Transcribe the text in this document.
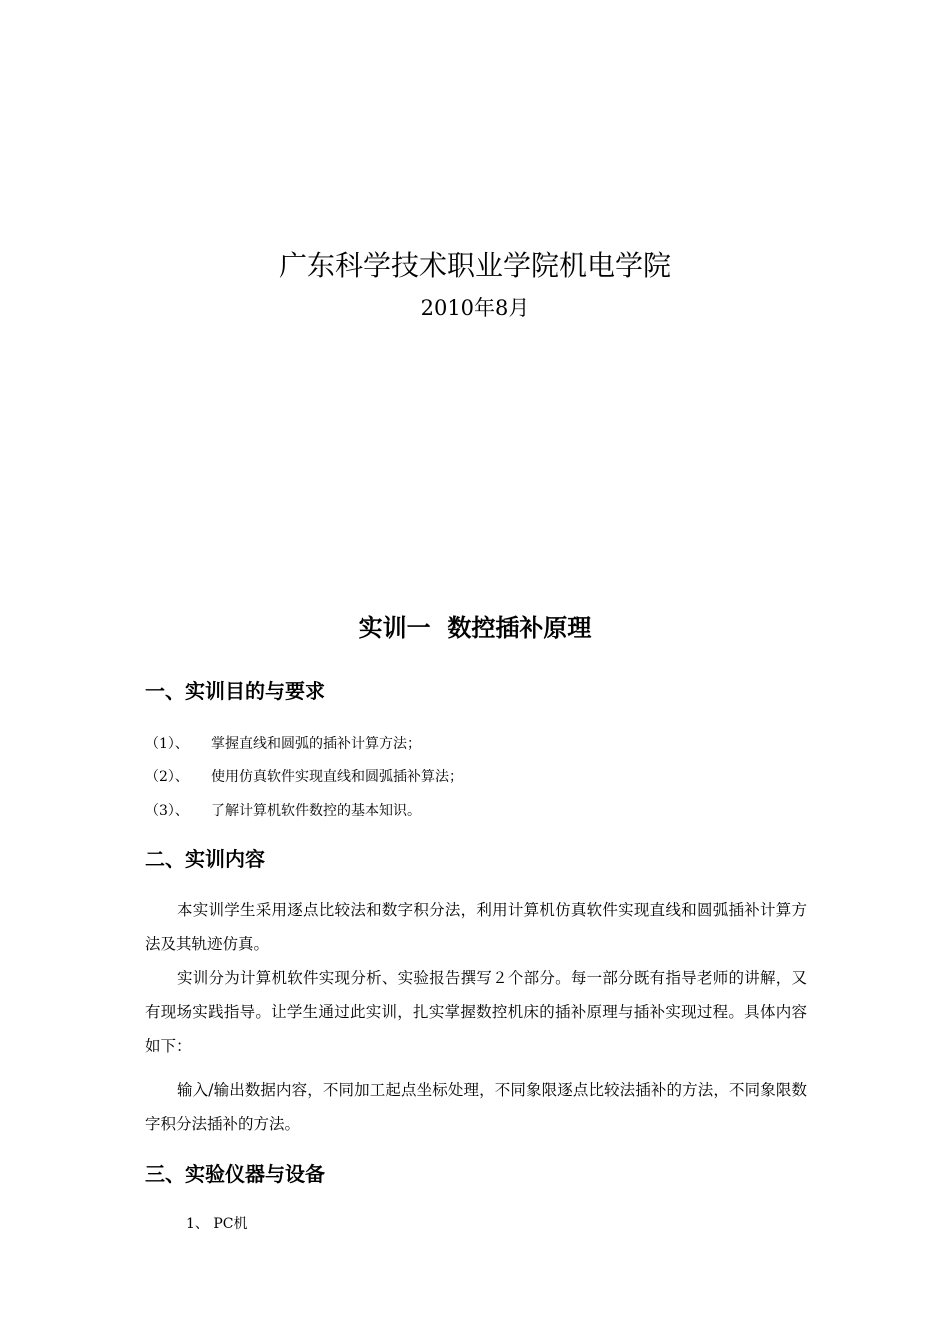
广东科学技术职业学院机电学院
2010年8月
实训一  数控插补原理
一、实训目的与要求
（1）、 掌握直线和圆弧的插补计算方法；
（2）、 使用仿真软件实现直线和圆弧插补算法；
（3）、 了解计算机软件数控的基本知识。
二、实训内容
本实训学生采用逐点比较法和数字积分法，利用计算机仿真软件实现直线和圆弧插补计算方法及其轨迹仿真。
实训分为计算机软件实现分析、实验报告撰写２个部分。每一部分既有指导老师的讲解，又有现场实践指导。让学生通过此实训，扎实掌握数控机床的插补原理与插补实现过程。具体内容如下：
输入/输出数据内容，不同加工起点坐标处理，不同象限逐点比较法插补的方法，不同象限数字积分法插补的方法。
三、实验仪器与设备
1、 PC机
